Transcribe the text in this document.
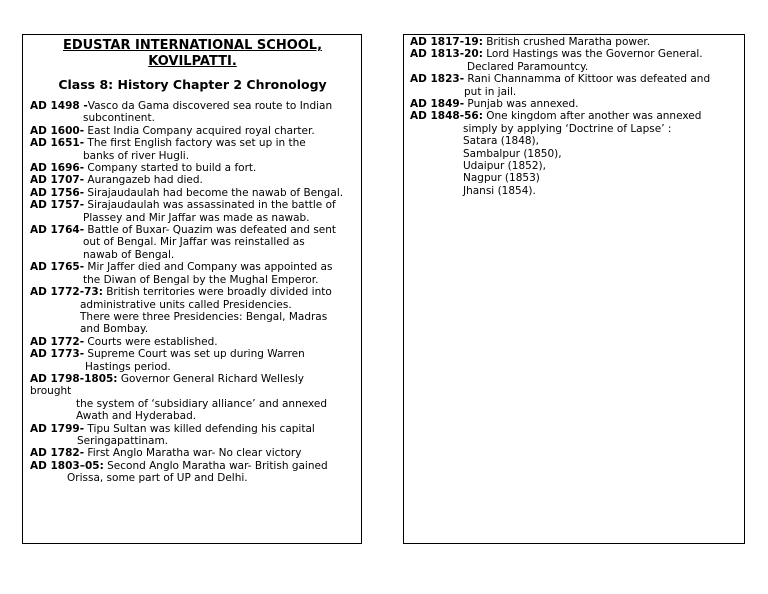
EDUSTAR INTERNATIONAL SCHOOL,
KOVILPATTI.
Class 8: History Chapter 2 Chronology
AD 1498 -Vasco da Gama discovered sea route to Indian
subcontinent.
AD 1600- East India Company acquired royal charter.
AD 1651- The first English factory was set up in the
banks of river Hugli.
AD 1696- Company started to build a fort.
AD 1707- Aurangazeb had died.
AD 1756- Sirajaudaulah had become the nawab of Bengal.
AD 1757- Sirajaudaulah was assassinated in the battle of
Plassey and Mir Jaffar was made as nawab.
AD 1764- Battle of Buxar- Quazim was defeated and sent
out of Bengal. Mir Jaffar was reinstalled as
nawab of Bengal.
AD 1765- Mir Jaffer died and Company was appointed as
the Diwan of Bengal by the Mughal Emperor.
AD 1772-73: British territories were broadly divided into
administrative units called Presidencies.
There were three Presidencies: Bengal, Madras
and Bombay.
AD 1772- Courts were established.
AD 1773- Supreme Court was set up during Warren
Hastings period.
AD 1798-1805: Governor General Richard Wellesly
brought
the system of ‘subsidiary alliance’ and annexed
Awath and Hyderabad.
AD 1799- Tipu Sultan was killed defending his capital
Seringapattinam.
AD 1782- First Anglo Maratha war- No clear victory
AD 1803–05: Second Anglo Maratha war- British gained
Orissa, some part of UP and Delhi.
AD 1817-19: British crushed Maratha power.
AD 1813-20: Lord Hastings was the Governor General.
Declared Paramountcy.
AD 1823- Rani Channamma of Kittoor was defeated and
put in jail.
AD 1849- Punjab was annexed.
AD 1848-56: One kingdom after another was annexed
simply by applying ‘Doctrine of Lapse’ :
Satara (1848),
Sambalpur (1850),
Udaipur (1852),
Nagpur (1853)
Jhansi (1854).
